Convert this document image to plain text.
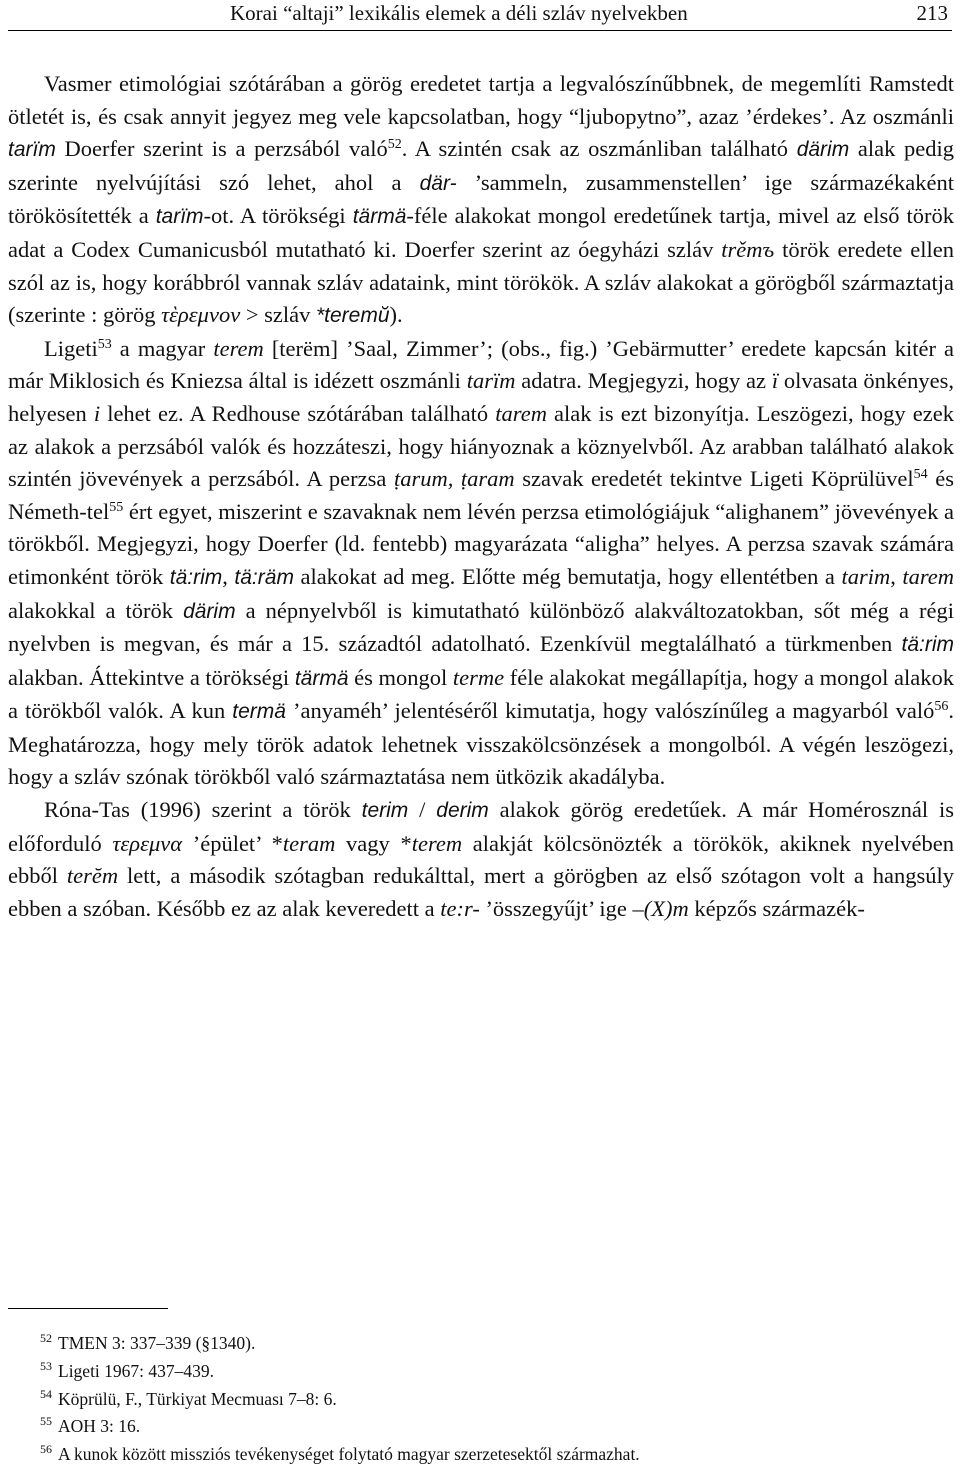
Korai “altaji” lexikális elemek a déli szláv nyelvekben	213

Vasmer etimológiai szótárában a görög eredetet tartja a legvalószínűbbnek, de megemlíti Ramstedt ötletét is, és csak annyit jegyez meg vele kapcsolatban, hogy “ljubopytno”, azaz ’érdekes’. Az oszmánli tarïm Doerfer szerint is a perzsából való$^{52}$. A szintén csak az oszmánliban található därim alak pedig szerinte nyelvújítási szó lehet, ahol a där- ’sammeln, zusammenstellen’ ige származékaként törökösítették a tarïm-ot. A törökségi tärmä-féle alakokat mongol eredetűnek tartja, mivel az első török adat a Codex Cumanicusból mutatható ki. Doerfer szerint az óegyházi szláv trěmъ török eredete ellen szól az is, hogy korábbról vannak szláv adataink, mint törökök. A szláv alakokat a görögből származtatja (szerinte : görög τὲρεμνον > szláv *teremŭ).

Ligeti$^{53}$ a magyar terem [terëm] ’Saal, Zimmer’; (obs., fig.) ’Gebärmutter’ eredete kapcsán kitér a már Miklosich és Kniezsa által is idézett oszmánli tarïm adatra. Megjegyzi, hogy az ï olvasata önkényes, helyesen i lehet ez. A Redhouse szótárában található tarem alak is ezt bizonyítja. Leszögezi, hogy ezek az alakok a perzsából valók és hozzáteszi, hogy hiányoznak a köznyelvből. Az arabban található alakok szintén jövevények a perzsából. A perzsa ṭarum, ṭaram szavak eredetét tekintve Ligeti Köprülüvel$^{54}$ és Németh-tel$^{55}$ ért egyet, miszerint e szavaknak nem lévén perzsa etimológiájuk “alighanem” jövevények a törökből. Megjegyzi, hogy Doerfer (ld. fentebb) magyarázata “aligha” helyes. A perzsa szavak számára etimonként török tä:rim, tä:räm alakokat ad meg. Előtte még bemutatja, hogy ellentétben a tarim, tarem alakokkal a török därim a népnyelvből is kimutatható különböző alakváltozatokban, sőt még a régi nyelvben is megvan, és már a 15. századtól adatolható. Ezenkívül megtalálható a türkmenben tä:rim alakban. Áttekintve a törökségi tärmä és mongol terme féle alakokat megállapítja, hogy a mongol alakok a törökből valók. A kun termä ’anyaméh’ jelentéséről kimutatja, hogy valószínűleg a magyarból való$^{56}$. Meghatározza, hogy mely török adatok lehetnek visszakölcsönzések a mongolból. A végén leszögezi, hogy a szláv szónak törökből való származtatása nem ütközik akadályba.

Róna-Tas (1996) szerint a török terim / derim alakok görög eredetűek. A már Homérosznál is előforduló τερεμνα ’épület’ *teram vagy *terem alakját kölcsönözték a törökök, akiknek nyelvében ebből terĕm lett, a második szótagban redukálttal, mert a görögben az első szótagon volt a hangsúly ebben a szóban. Később ez az alak keveredett a te:r- ’összegyűjt’ ige –(X)m képzős származék-

$^{52}$ TMEN 3: 337–339 (§1340).
$^{53}$ Ligeti 1967: 437–439.
$^{54}$ Köprülü, F., Türkiyat Mecmuası 7–8: 6.
$^{55}$ AOH 3: 16.
$^{56}$ A kunok között missziós tevékenységet folytató magyar szerzetesektől származhat.
